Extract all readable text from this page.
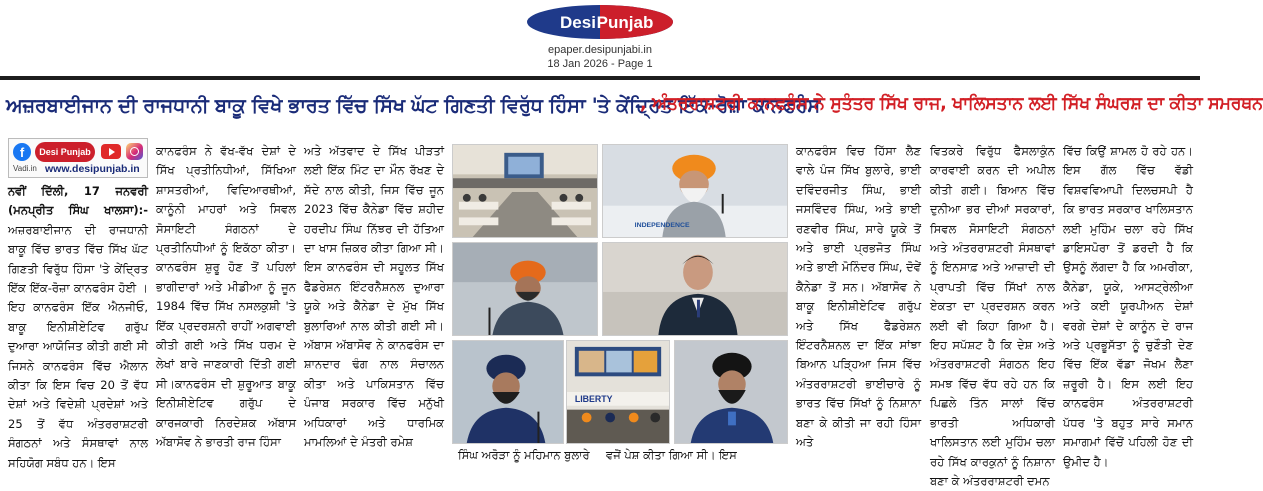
Desi Punjab
epaper.desipunjabi.in
18 Jan 2026 - Page 1
ਅਜ਼ਰਬਾਈਜਾਨ ਦੀ ਰਾਜਧਾਨੀ ਬਾਕੂ ਵਿਖੇ ਭਾਰਤ ਵਿੱਚ ਸਿੱਖ ਘੱਟ ਗਿਣਤੀ ਵਿਰੁੱਧ ਹਿੰਸਾ 'ਤੇ ਕੇਂਦ੍ਰਿਤ ਇੱਕ-ਰੋਜ਼ਾ ਕਾਨਫਰੰਸ
, ਅੰਤਰਰਾਸ਼ਟਰੀ ਕਾਨਫਰੰਸ ਨੇ ਸੁਤੰਤਰ ਸਿੱਖ ਰਾਜ, ਖਾਲਿਸਤਾਨ ਲਈ ਸਿੱਖ ਸੰਘਰਸ਼ ਦਾ ਕੀਤਾ ਸਮਰਥਨ
f	Desi Punjab
Vadi.in www.desipunjab.in
ਨਵੀਂ ਦਿੱਲੀ, 17 ਜਨਵਰੀ (ਮਨਪ੍ਰੀਤ ਸਿੰਘ ਖਾਲਸਾ):- ਅਜ਼ਰਬਾਈਜਾਨ ਦੀ ਰਾਜਧਾਨੀ ਬਾਕੂ ਵਿੱਚ ਭਾਰਤ ਵਿੱਚ ਸਿੱਖ ਘੱਟ ਗਿਣਤੀ ਵਿਰੁੱਧ ਹਿੰਸਾ 'ਤੇ ਕੇਂਦ੍ਰਿਤ ਇੱਕ ਇੱਕ-ਰੋਜ਼ਾ ਕਾਨਫਰੰਸ ਹੋਈ । ਇਹ ਕਾਨਫਰੰਸ ਇੱਕ ਐਨਜੀਓ, ਬਾਕੂ ਇਨੀਸ਼ੀਏਟਿਵ ਗਰੁੱਪ ਦੁਆਰਾ ਆਯੋਜਿਤ ਕੀਤੀ ਗਈ ਸੀ ਜਿਸਨੇ ਕਾਨਫਰੰਸ ਵਿੱਚ ਐਲਾਨ ਕੀਤਾ ਕਿ ਇਸ ਵਿਚ 20 ਤੋਂ ਵੱਧ ਦੇਸ਼ਾਂ ਅਤੇ ਵਿਦੇਸ਼ੀ ਪ੍ਰਦੇਸ਼ਾਂ ਅਤੇ 25 ਤੋਂ ਵੱਧ ਅੰਤਰਰਾਸ਼ਟਰੀ ਸੰਗਠਨਾਂ ਅਤੇ ਸੰਸਥਾਵਾਂ ਨਾਲ ਸਹਿਯੋਗ ਸਬੰਧ ਹਨ। ਇਸ
ਕਾਨਫਰੰਸ ਨੇ ਵੱਖ-ਵੱਖ ਦੇਸ਼ਾਂ ਦੇ ਸਿੱਖ ਪ੍ਰਤੀਨਿਧੀਆਂ, ਸਿੱਖਿਆ ਸ਼ਾਸਤਰੀਆਂ, ਵਿਦਿਆਰਥੀਆਂ, ਕਾਨੂੰਨੀ ਮਾਹਰਾਂ ਅਤੇ ਸਿਵਲ ਸੋਸਾਇਟੀ ਸੰਗਠਨਾਂ ਦੇ ਪ੍ਰਤੀਨਿਧੀਆਂ ਨੂੰ ਇਕੱਠਾ ਕੀਤਾ।ਕਾਨਫਰੰਸ ਸ਼ੁਰੂ ਹੋਣ ਤੋਂ ਪਹਿਲਾਂ ਭਾਗੀਦਾਰਾਂ ਅਤੇ ਮੀਡੀਆ ਨੂੰ ਜੂਨ 1984 ਵਿੱਚ ਸਿੱਖ ਨਸਲਕੁਸ਼ੀ 'ਤੇ ਇੱਕ ਪ੍ਰਦਰਸ਼ਨੀ ਰਾਹੀਂ ਅਗਵਾਈ ਕੀਤੀ ਗਈ ਅਤੇ ਸਿੱਖ ਧਰਮ ਦੇ ਲੇਖਾਂ ਬਾਰੇ ਜਾਣਕਾਰੀ ਦਿੱਤੀ ਗਈ ਸੀ।ਕਾਨਫਰੰਸ ਦੀ ਸ਼ੁਰੂਆਤ ਬਾਕੂ ਇਨੀਸ਼ੀਏਟਿਵ ਗਰੁੱਪ ਦੇ ਕਾਰਜਕਾਰੀ ਨਿਰਦੇਸ਼ਕ ਅੱਬਾਸ ਅੱਬਾਸੋਵ ਨੇ ਭਾਰਤੀ ਰਾਜ ਹਿੰਸਾ
ਅਤੇ ਅੱਤਵਾਦ ਦੇ ਸਿੱਖ ਪੀੜਤਾਂ ਲਈ ਇੱਕ ਮਿੰਟ ਦਾ ਮੌਨ ਰੱਖਣ ਦੇ ਸੱਦੇ ਨਾਲ ਕੀਤੀ, ਜਿਸ ਵਿੱਚ ਜੂਨ 2023 ਵਿੱਚ ਕੈਨੇਡਾ ਵਿੱਚ ਸ਼ਹੀਦ ਹਰਦੀਪ ਸਿੰਘ ਨਿੱਝਰ ਦੀ ਹੱਤਿਆ ਦਾ ਖਾਸ ਜ਼ਿਕਰ ਕੀਤਾ ਗਿਆ ਸੀ। ਇਸ ਕਾਨਫਰੰਸ ਦੀ ਸਹੂਲਤ ਸਿੱਖ ਫੈਡਰੇਸ਼ਨ ਇੰਟਰਨੈਸ਼ਨਲ ਦੁਆਰਾ ਯੂਕੇ ਅਤੇ ਕੈਨੇਡਾ ਦੇ ਮੁੱਖ ਸਿੱਖ ਬੁਲਾਰਿਆਂ ਨਾਲ ਕੀਤੀ ਗਈ ਸੀ। ਅੱਬਾਸ ਅੱਬਾਸੋਵ ਨੇ ਕਾਨਫਰੰਸ ਦਾ ਸ਼ਾਨਦਾਰ ਢੰਗ ਨਾਲ ਸੰਚਾਲਨ ਕੀਤਾ ਅਤੇ ਪਾਕਿਸਤਾਨ ਵਿੱਚ ਪੰਜਾਬ ਸਰਕਾਰ ਵਿੱਚ ਮਨੁੱਖੀ ਅਧਿਕਾਰਾਂ ਅਤੇ ਧਾਰਮਿਕ ਮਾਮਲਿਆਂ ਦੇ ਮੰਤਰੀ ਰਮੇਸ਼
INDEPENDENCE
LIBERTY
ਸਿੰਘ ਅਰੋੜਾ ਨੂੰ ਮਹਿਮਾਨ ਬੁਲਾਰੇ ਵਜੋਂ ਪੇਸ਼ ਕੀਤਾ ਗਿਆ ਸੀ। ਇਸ
ਕਾਨਫਰੰਸ ਵਿਚ ਹਿੱਸਾ ਲੈਣ ਵਾਲੇ ਪੰਜ ਸਿੱਖ ਬੁਲਾਰੇ, ਭਾਈ ਦਵਿੰਦਰਜੀਤ ਸਿੰਘ, ਭਾਈ ਜਸਵਿੰਦਰ ਸਿੰਘ, ਅਤੇ ਭਾਈ ਰਣਵੀਰ ਸਿੰਘ, ਸਾਰੇ ਯੂਕੇ ਤੋਂ ਅਤੇ ਭਾਈ ਪ੍ਰਭਜੋਤ ਸਿੰਘ ਅਤੇ ਭਾਈ ਮੋਨਿੰਦਰ ਸਿੰਘ, ਦੋਵੇਂ ਕੈਨੇਡਾ ਤੋਂ ਸਨ। ਅੱਬਾਸੋਵ ਨੇ ਬਾਕੂ ਇਨੀਸ਼ੀਏਟਿਵ ਗਰੁੱਪ ਅਤੇ ਸਿੱਖ ਫੈਡਰੇਸ਼ਨ ਇੰਟਰਨੈਸ਼ਨਲ ਦਾ ਇੱਕ ਸਾਂਝਾ ਬਿਆਨ ਪੜ੍ਹਿਆ ਜਿਸ ਵਿੱਚ ਅੰਤਰਰਾਸ਼ਟਰੀ ਭਾਈਚਾਰੇ ਨੂੰ ਭਾਰਤ ਵਿੱਚ ਸਿੱਖਾਂ ਨੂੰ ਨਿਸ਼ਾਨਾ ਬਣਾ ਕੇ ਕੀਤੀ ਜਾ ਰਹੀ ਹਿੰਸਾ ਅਤੇ
ਵਿਤਕਰੇ ਵਿਰੁੱਧ ਫੈਸਲਾਕੁੰਨ ਕਾਰਵਾਈ ਕਰਨ ਦੀ ਅਪੀਲ ਕੀਤੀ ਗਈ। ਬਿਆਨ ਵਿੱਚ ਦੁਨੀਆ ਭਰ ਦੀਆਂ ਸਰਕਾਰਾਂ, ਸਿਵਲ ਸੋਸਾਇਟੀ ਸੰਗਠਨਾਂ ਅਤੇ ਅੰਤਰਰਾਸ਼ਟਰੀ ਸੰਸਥਾਵਾਂ ਨੂੰ ਇਨਸਾਫ਼ ਅਤੇ ਆਜ਼ਾਦੀ ਦੀ ਪ੍ਰਾਪਤੀ ਵਿੱਚ ਸਿੱਖਾਂ ਨਾਲ ਏਕਤਾ ਦਾ ਪ੍ਰਦਰਸ਼ਨ ਕਰਨ ਲਈ ਵੀ ਕਿਹਾ ਗਿਆ ਹੈ। ਇਹ ਸਪੱਸ਼ਟ ਹੈ ਕਿ ਦੇਸ਼ ਅਤੇ ਅੰਤਰਰਾਸ਼ਟਰੀ ਸੰਗਠਨ ਇਹ ਸਮਝ ਵਿੱਚ ਵੱਧ ਰਹੇ ਹਨ ਕਿ ਪਿਛਲੇ ਤਿੰਨ ਸਾਲਾਂ ਵਿੱਚ ਭਾਰਤੀ ਅਧਿਕਾਰੀ ਖਾਲਿਸਤਾਨ ਲਈ ਮੁਹਿੰਮ ਚਲਾ ਰਹੇ ਸਿੱਖ ਕਾਰਕੁਨਾਂ ਨੂੰ ਨਿਸ਼ਾਨਾ ਬਣਾ ਕੇ ਅੰਤਰਰਾਸ਼ਟਰੀ ਦਮਨ
ਵਿੱਚ ਕਿਉਂ ਸ਼ਾਮਲ ਹੋ ਰਹੇ ਹਨ। ਇਸ ਗੱਲ ਵਿੱਚ ਵੱਡੀ ਵਿਸ਼ਵਵਿਆਪੀ ਦਿਲਚਸਪੀ ਹੈ ਕਿ ਭਾਰਤ ਸਰਕਾਰ ਖਾਲਿਸਤਾਨ ਲਈ ਮੁਹਿੰਮ ਚਲਾ ਰਹੇ ਸਿੱਖ ਡਾਇਸਪੋਰਾ ਤੋਂ ਡਰਦੀ ਹੈ ਕਿ ਉਸਨੂੰ ਲੱਗਦਾ ਹੈ ਕਿ ਅਮਰੀਕਾ, ਕੈਨੇਡਾ, ਯੂਕੇ, ਆਸਟ੍ਰੇਲੀਆ ਅਤੇ ਕਈ ਯੂਰਪੀਅਨ ਦੇਸ਼ਾਂ ਵਰਗੇ ਦੇਸ਼ਾਂ ਦੇ ਕਾਨੂੰਨ ਦੇ ਰਾਜ ਅਤੇ ਪ੍ਰਭੂਸੱਤਾ ਨੂੰ ਚੁਣੌਤੀ ਦੇਣ ਵਿੱਚ ਇੱਕ ਵੱਡਾ ਜੋਖਮ ਲੈਣਾ ਜ਼ਰੂਰੀ ਹੈ। ਇਸ ਲਈ ਇਹ ਕਾਨਫਰੰਸ ਅੰਤਰਰਾਸ਼ਟਰੀ ਪੱਧਰ 'ਤੇ ਬਹੁਤ ਸਾਰੇ ਸਮਾਨ ਸਮਾਗਮਾਂ ਵਿੱਚੋਂ ਪਹਿਲੀ ਹੋਣ ਦੀ ਉਮੀਦ ਹੈ।
